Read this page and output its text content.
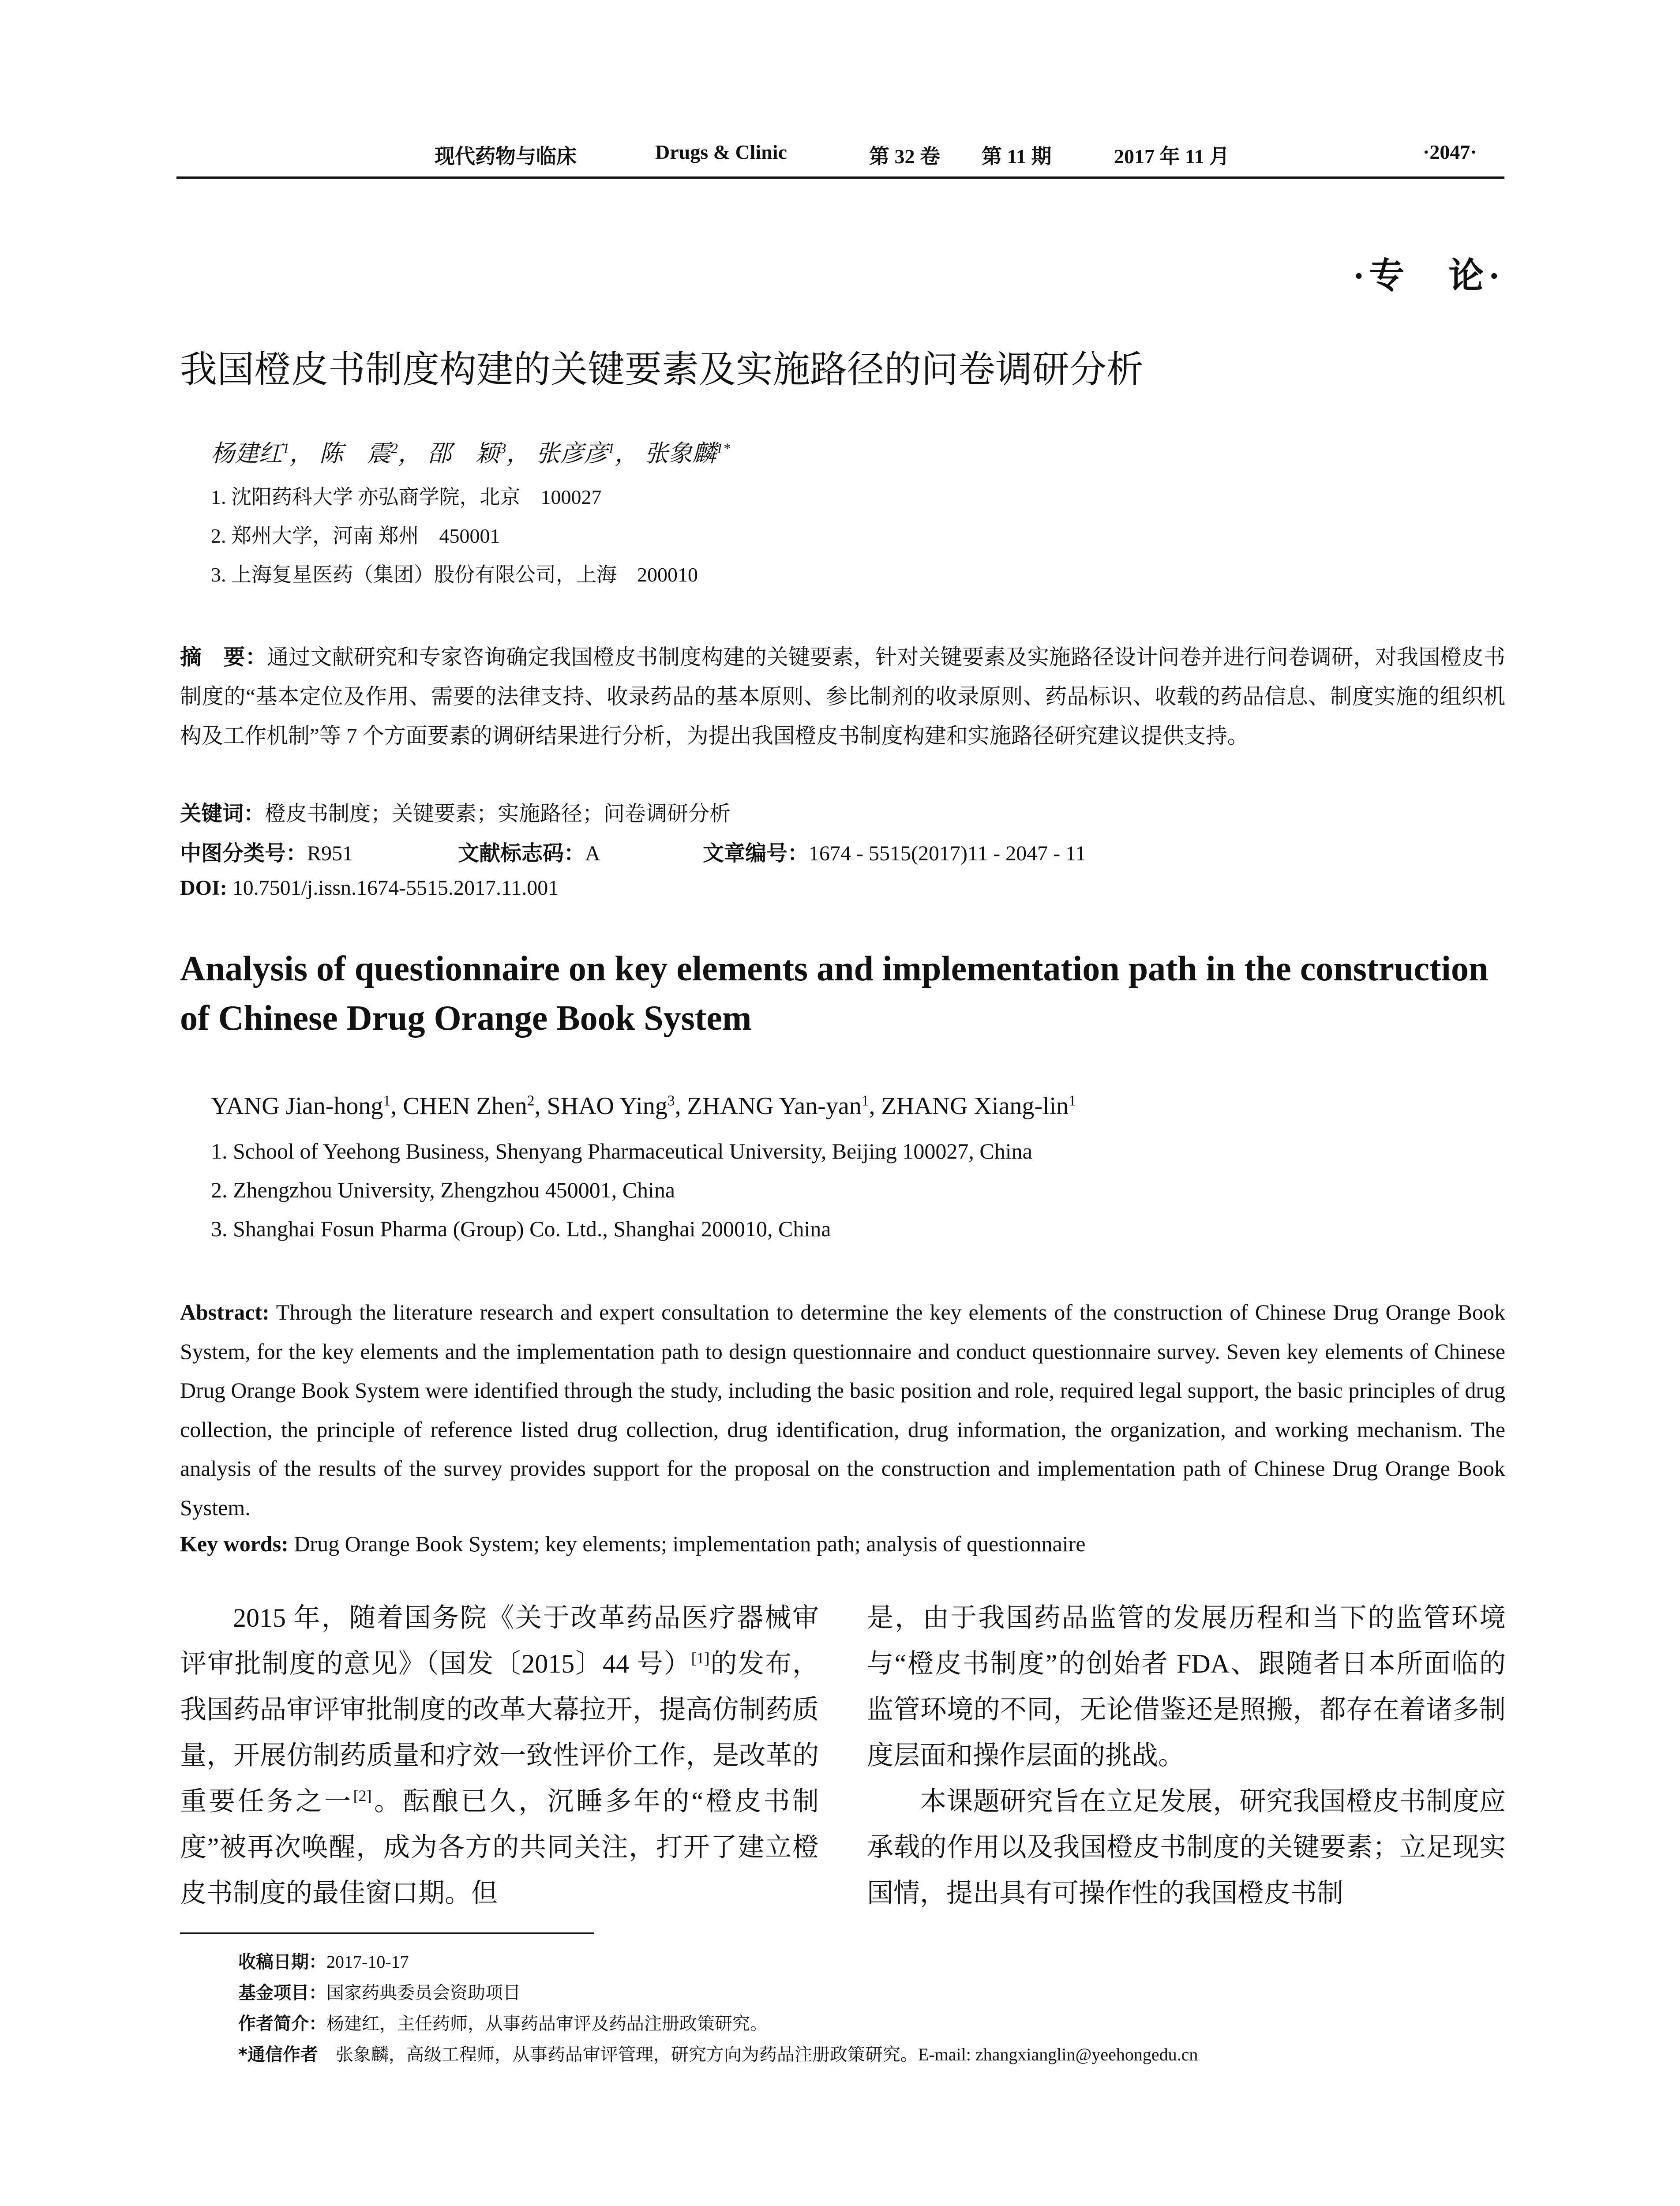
现代药物与临床	Drugs & Clinic	第 32 卷 第 11 期	2017 年 11 月	·2047·
·专　论·
我国橙皮书制度构建的关键要素及实施路径的问卷调研分析
杨建红$^1$， 陈　震$^2$， 邵　颖$^3$， 张彦彦$^1$， 张象麟$^{1*}$
1. 沈阳药科大学 亦弘商学院，北京　100027
2. 郑州大学，河南 郑州　450001
3. 上海复星医药（集团）股份有限公司，上海　200010
摘　要：通过文献研究和专家咨询确定我国橙皮书制度构建的关键要素，针对关键要素及实施路径设计问卷并进行问卷调研，对我国橙皮书制度的“基本定位及作用、需要的法律支持、收录药品的基本原则、参比制剂的收录原则、药品标识、收载的药品信息、制度实施的组织机构及工作机制”等 7 个方面要素的调研结果进行分析，为提出我国橙皮书制度构建和实施路径研究建议提供支持。
关键词：橙皮书制度；关键要素；实施路径；问卷调研分析
中图分类号：R951	文献标志码：A	文章编号：1674 - 5515(2017)11 - 2047 - 11
DOI: 10.7501/j.issn.1674-5515.2017.11.001
Analysis of questionnaire on key elements and implementation path in the construction of Chinese Drug Orange Book System
YANG Jian-hong$^1$, CHEN Zhen$^2$, SHAO Ying$^3$, ZHANG Yan-yan$^1$, ZHANG Xiang-lin$^1$
1. School of Yeehong Business, Shenyang Pharmaceutical University, Beijing 100027, China
2. Zhengzhou University, Zhengzhou 450001, China
3. Shanghai Fosun Pharma (Group) Co. Ltd., Shanghai 200010, China
Abstract: Through the literature research and expert consultation to determine the key elements of the construction of Chinese Drug Orange Book System, for the key elements and the implementation path to design questionnaire and conduct questionnaire survey. Seven key elements of Chinese Drug Orange Book System were identified through the study, including the basic position and role, required legal support, the basic principles of drug collection, the principle of reference listed drug collection, drug identification, drug information, the organization, and working mechanism. The analysis of the results of the survey provides support for the proposal on the construction and implementation path of Chinese Drug Orange Book System.
Key words: Drug Orange Book System; key elements; implementation path; analysis of questionnaire

2015 年，随着国务院《关于改革药品医疗器械审评审批制度的意见》（国发〔2015〕44 号）[1]的发布，我国药品审评审批制度的改革大幕拉开，提高仿制药质量，开展仿制药质量和疗效一致性评价工作，是改革的重要任务之一[2]。酝酿已久，沉睡多年的“橙皮书制度”被再次唤醒，成为各方的共同关注，打开了建立橙皮书制度的最佳窗口期。但

是，由于我国药品监管的发展历程和当下的监管环境与“橙皮书制度”的创始者 FDA、跟随者日本所面临的监管环境的不同，无论借鉴还是照搬，都存在着诸多制度层面和操作层面的挑战。

本课题研究旨在立足发展，研究我国橙皮书制度应承载的作用以及我国橙皮书制度的关键要素；立足现实国情，提出具有可操作性的我国橙皮书制

收稿日期：2017-10-17
基金项目：国家药典委员会资助项目
作者简介：杨建红，主任药师，从事药品审评及药品注册政策研究。
*通信作者　张象麟，高级工程师，从事药品审评管理，研究方向为药品注册政策研究。E-mail: zhangxianglin@yeehongedu.cn
